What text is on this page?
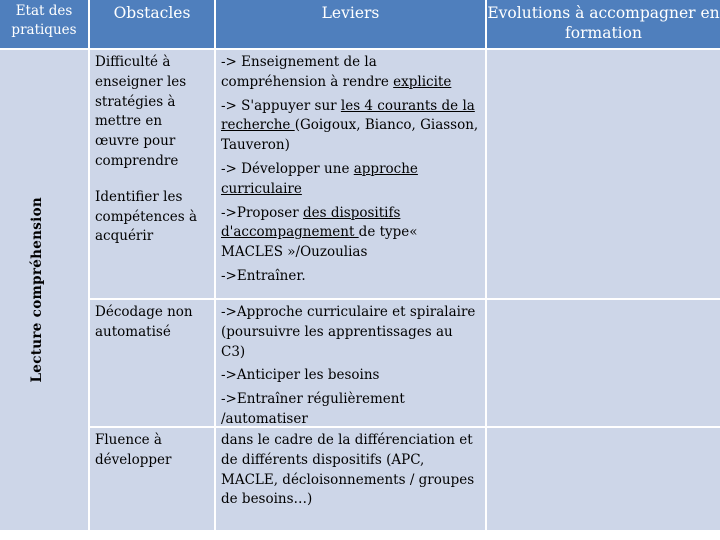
Etat des pratiques
Obstacles	Leviers	Evolutions à accompagner en formation
Lecture compréhension
Difficulté à enseigner les stratégies à mettre en œuvre pour comprendre
Identifier les compétences à acquérir
-> Enseignement de la compréhension à rendre explicite
-> S'appuyer sur les 4 courants de la recherche (Goigoux, Bianco, Giasson, Tauveron)
-> Développer une approche curriculaire
->Proposer des dispositifs d'accompagnement de type« MACLES »/Ouzoulias
->Entraîner.
Décodage non automatisé
->Approche curriculaire et spiralaire (poursuivre les apprentissages au C3)
->Anticiper les besoins
->Entraîner régulièrement /automatiser
Fluence à développer
dans le cadre de la différenciation et de différents dispositifs (APC, MACLE, décloisonnements / groupes de besoins…)
